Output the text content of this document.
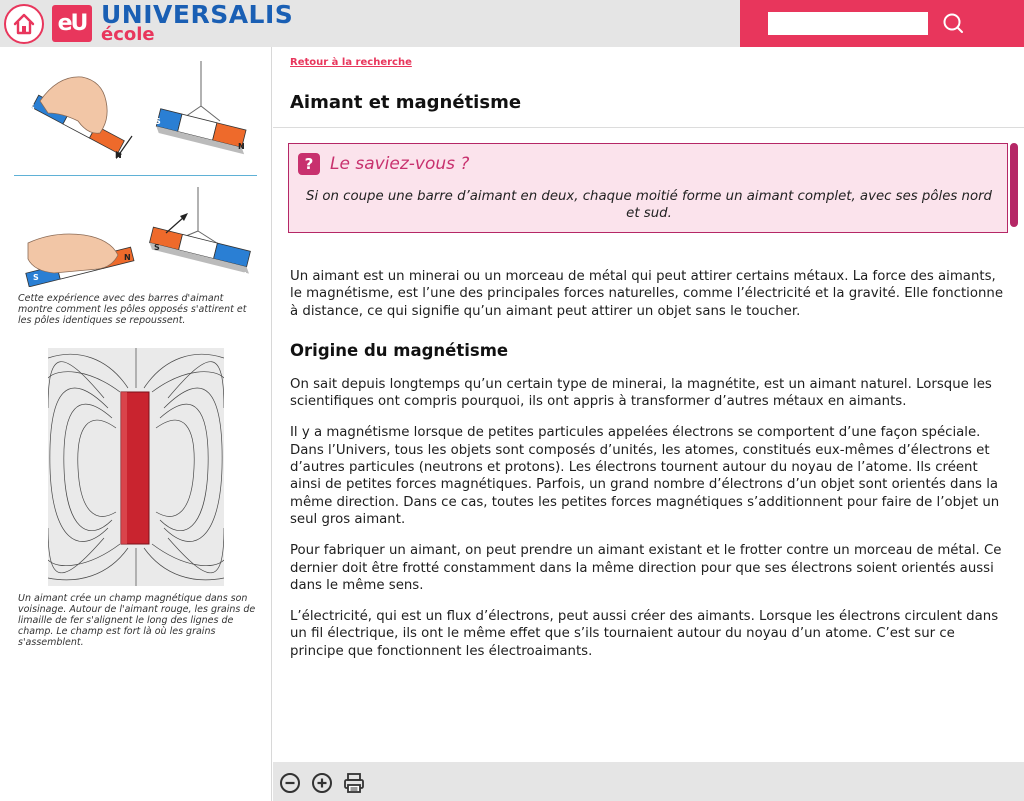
eU UNIVERSALIS
école
S
N
S
N
S
N
S
N
Cette expérience avec des barres d'aimant montre comment les pôles opposés s'attirent et les pôles identiques se repoussent.
Un aimant crée un champ magnétique dans son voisinage. Autour de l'aimant rouge, les grains de limaille de fer s'alignent le long des lignes de champ. Le champ est fort là où les grains s'assemblent.
Retour à la recherche
Aimant et magnétisme
? Le saviez-vous ?
Si on coupe une barre d’aimant en deux, chaque moitié forme un aimant complet, avec ses pôles nord et sud.

Un aimant est un minerai ou un morceau de métal qui peut attirer certains métaux. La force des aimants, le magnétisme, est l’une des principales forces naturelles, comme l’électricité et la gravité. Elle fonctionne à distance, ce qui signifie qu’un aimant peut attirer un objet sans le toucher.

Origine du magnétisme

On sait depuis longtemps qu’un certain type de minerai, la magnétite, est un aimant naturel. Lorsque les scientifiques ont compris pourquoi, ils ont appris à transformer d’autres métaux en aimants.

Il y a magnétisme lorsque de petites particules appelées électrons se comportent d’une façon spéciale. Dans l’Univers, tous les objets sont composés d’unités, les atomes, constitués eux-mêmes d’électrons et d’autres particules (neutrons et protons). Les électrons tournent autour du noyau de l’atome. Ils créent ainsi de petites forces magnétiques. Parfois, un grand nombre d’électrons d’un objet sont orientés dans la même direction. Dans ce cas, toutes les petites forces magnétiques s’additionnent pour faire de l’objet un seul gros aimant.

Pour fabriquer un aimant, on peut prendre un aimant existant et le frotter contre un morceau de métal. Ce dernier doit être frotté constamment dans la même direction pour que ses électrons soient orientés aussi dans le même sens.

L’électricité, qui est un flux d’électrons, peut aussi créer des aimants. Lorsque les électrons circulent dans un fil électrique, ils ont le même effet que s’ils tournaient autour du noyau d’un atome. C’est sur ce principe que fonctionnent les électroaimants.
